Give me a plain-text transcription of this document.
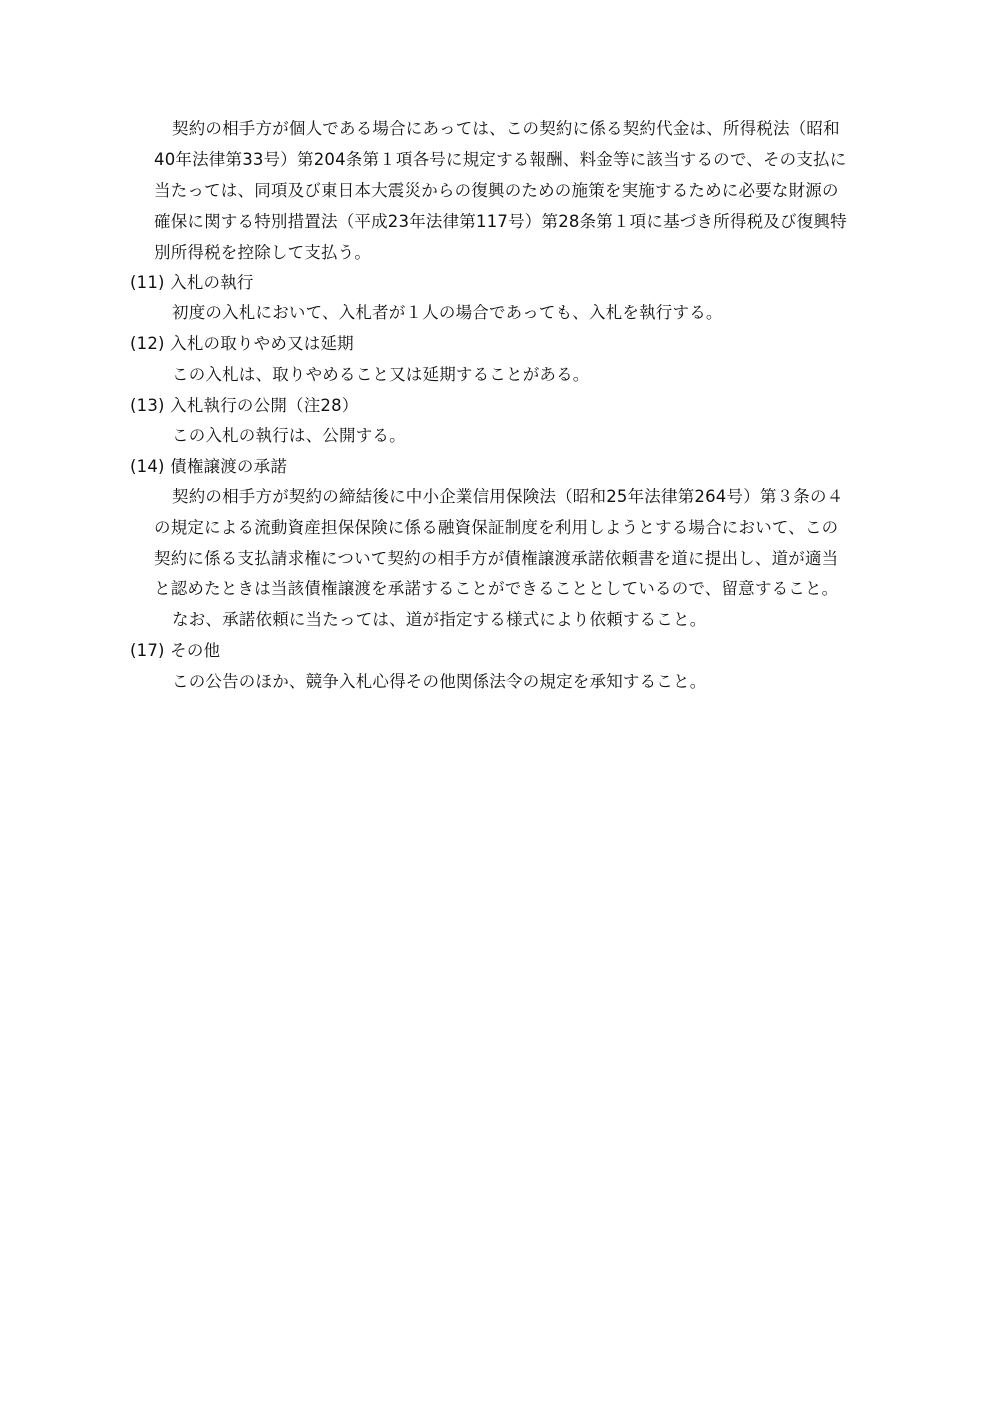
契約の相手方が個人である場合にあっては、この契約に係る契約代金は、所得税法（昭和
40年法律第33号）第204条第１項各号に規定する報酬、料金等に該当するので、その支払に
当たっては、同項及び東日本大震災からの復興のための施策を実施するために必要な財源の
確保に関する特別措置法（平成23年法律第117号）第28条第１項に基づき所得税及び復興特
別所得税を控除して支払う。
(11) 入札の執行
初度の入札において、入札者が１人の場合であっても、入札を執行する。
(12) 入札の取りやめ又は延期
この入札は、取りやめること又は延期することがある。
(13) 入札執行の公開（注28）
この入札の執行は、公開する。
(14) 債権譲渡の承諾
契約の相手方が契約の締結後に中小企業信用保険法（昭和25年法律第264号）第３条の４
の規定による流動資産担保保険に係る融資保証制度を利用しようとする場合において、この
契約に係る支払請求権について契約の相手方が債権譲渡承諾依頼書を道に提出し、道が適当
と認めたときは当該債権譲渡を承諾することができることとしているので、留意すること。
なお、承諾依頼に当たっては、道が指定する様式により依頼すること。
(17) その他
この公告のほか、競争入札心得その他関係法令の規定を承知すること。
